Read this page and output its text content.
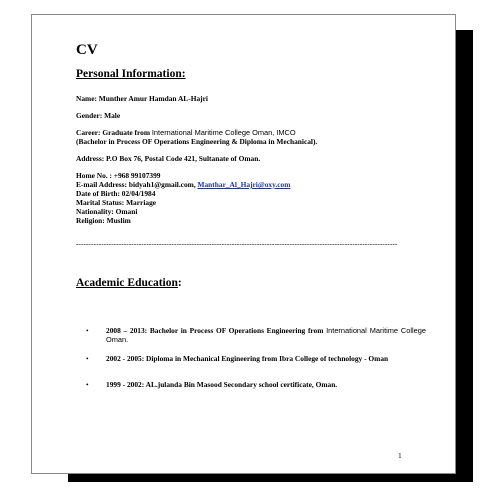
CV

Personal Information:

Name: Munther Amur Hamdan AL-Hajri

Gender: Male

Career: Graduate from International Maritime College Oman, IMCO

(Bachelor in Process OF Operations Engineering & Diploma in Mechanical).

Address: P.O Box 76, Postal Code 421, Sultanate of Oman.

Home No. : +968 99107399

E-mail Address: bidyah1@gmail.com, Manthar_Al_Hajri@oxy.com

Date of Birth: 02/04/1984

Marital Status: Marriage

Nationality: Omani

Religion: Muslim

--------------------------------------------------------------------------------------------------------------------------------

Academic Education:

• 2008 – 2013: Bachelor in Process OF Operations Engineering from International Maritime College Oman.
• 2002 - 2005: Diploma in Mechanical Engineering from Ibra College of technology - Oman
• 1999 - 2002: AL.julanda Bin Masood Secondary school certificate, Oman.
1
